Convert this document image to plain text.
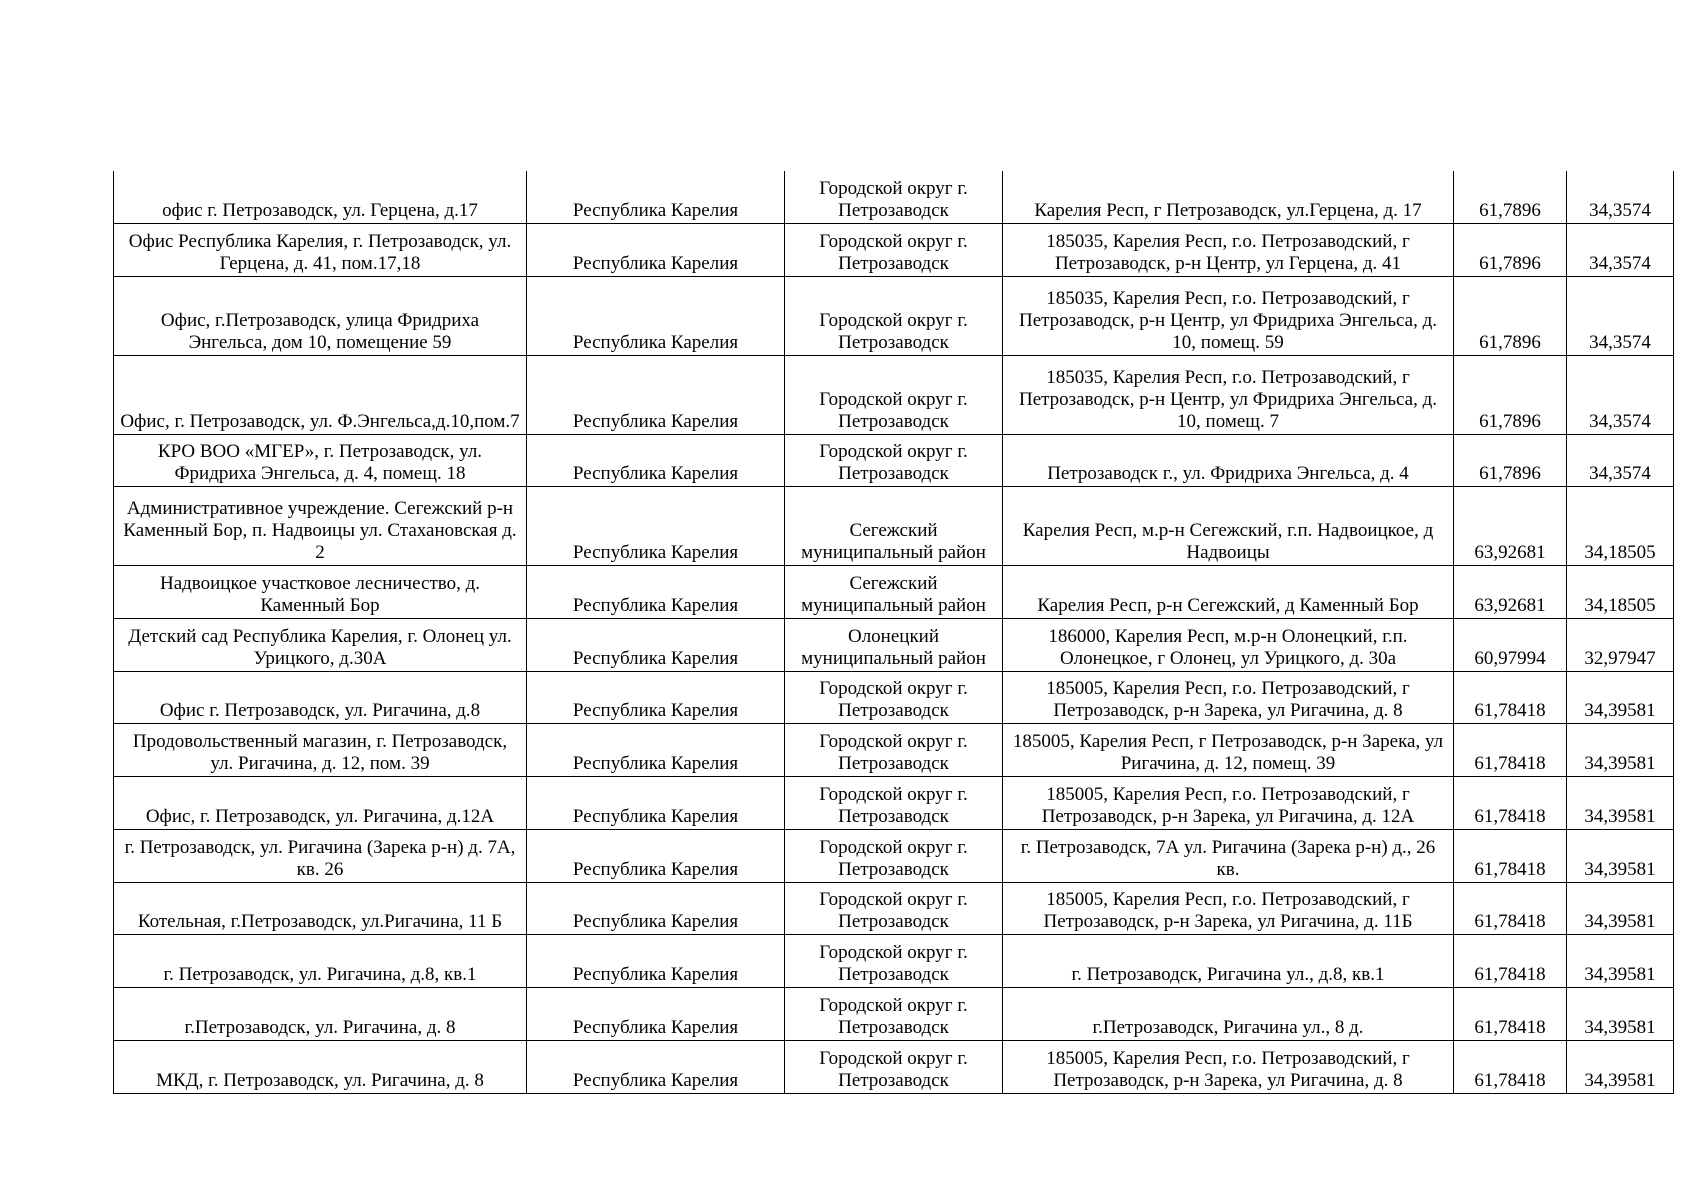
офис г. Петрозаводск, ул. Герцена, д.17	Республика Карелия	Городской округ г. Петрозаводск	Карелия Респ, г Петрозаводск, ул.Герцена, д. 17	61,7896	34,3574
Офис Республика Карелия, г. Петрозаводск, ул. Герцена, д. 41, пом.17,18	Республика Карелия	Городской округ г. Петрозаводск	185035, Карелия Респ, г.о. Петрозаводский, г Петрозаводск, р-н Центр, ул Герцена, д. 41	61,7896	34,3574
Офис, г.Петрозаводск, улица Фридриха Энгельса, дом 10, помещение 59	Республика Карелия	Городской округ г. Петрозаводск	185035, Карелия Респ, г.о. Петрозаводский, г Петрозаводск, р-н Центр, ул Фридриха Энгельса, д. 10, помещ. 59	61,7896	34,3574
Офис, г. Петрозаводск, ул. Ф.Энгельса,д.10,пом.7	Республика Карелия	Городской округ г. Петрозаводск	185035, Карелия Респ, г.о. Петрозаводский, г Петрозаводск, р-н Центр, ул Фридриха Энгельса, д. 10, помещ. 7	61,7896	34,3574
КРО ВОО «МГЕР», г. Петрозаводск, ул. Фридриха Энгельса, д. 4, помещ. 18	Республика Карелия	Городской округ г. Петрозаводск	Петрозаводск г., ул. Фридриха Энгельса, д. 4	61,7896	34,3574
Административное учреждение. Сегежский р-н Каменный Бор, п. Надвоицы ул. Стахановская д. 2	Республика Карелия	Сегежский муниципальный район	Карелия Респ, м.р-н Сегежский, г.п. Надвоицкое, д Надвоицы	63,92681	34,18505
Надвоицкое участковое лесничество, д. Каменный Бор	Республика Карелия	Сегежский муниципальный район	Карелия Респ, р-н Сегежский, д Каменный Бор	63,92681	34,18505
Детский сад Республика Карелия, г. Олонец ул. Урицкого, д.30А	Республика Карелия	Олонецкий муниципальный район	186000, Карелия Респ, м.р-н Олонецкий, г.п. Олонецкое, г Олонец, ул Урицкого, д. 30а	60,97994	32,97947
Офис г. Петрозаводск, ул. Ригачина, д.8	Республика Карелия	Городской округ г. Петрозаводск	185005, Карелия Респ, г.о. Петрозаводский, г Петрозаводск, р-н Зарека, ул Ригачина, д. 8	61,78418	34,39581
Продовольственный магазин, г. Петрозаводск, ул. Ригачина, д. 12, пом. 39	Республика Карелия	Городской округ г. Петрозаводск	185005, Карелия Респ, г Петрозаводск, р-н Зарека, ул Ригачина, д. 12, помещ. 39	61,78418	34,39581
Офис, г. Петрозаводск, ул. Ригачина, д.12А	Республика Карелия	Городской округ г. Петрозаводск	185005, Карелия Респ, г.о. Петрозаводский, г Петрозаводск, р-н Зарека, ул Ригачина, д. 12А	61,78418	34,39581
г. Петрозаводск, ул. Ригачина (Зарека р-н) д. 7А, кв. 26	Республика Карелия	Городской округ г. Петрозаводск	г. Петрозаводск, 7А ул. Ригачина (Зарека р-н) д., 26 кв.	61,78418	34,39581
Котельная, г.Петрозаводск, ул.Ригачина, 11 Б	Республика Карелия	Городской округ г. Петрозаводск	185005, Карелия Респ, г.о. Петрозаводский, г Петрозаводск, р-н Зарека, ул Ригачина, д. 11Б	61,78418	34,39581
г. Петрозаводск, ул. Ригачина, д.8, кв.1	Республика Карелия	Городской округ г. Петрозаводск	г. Петрозаводск, Ригачина ул., д.8, кв.1	61,78418	34,39581
г.Петрозаводск, ул. Ригачина, д. 8	Республика Карелия	Городской округ г. Петрозаводск	г.Петрозаводск, Ригачина ул., 8 д.	61,78418	34,39581
МКД, г. Петрозаводск, ул. Ригачина, д. 8	Республика Карелия	Городской округ г. Петрозаводск	185005, Карелия Респ, г.о. Петрозаводский, г Петрозаводск, р-н Зарека, ул Ригачина, д. 8	61,78418	34,39581
